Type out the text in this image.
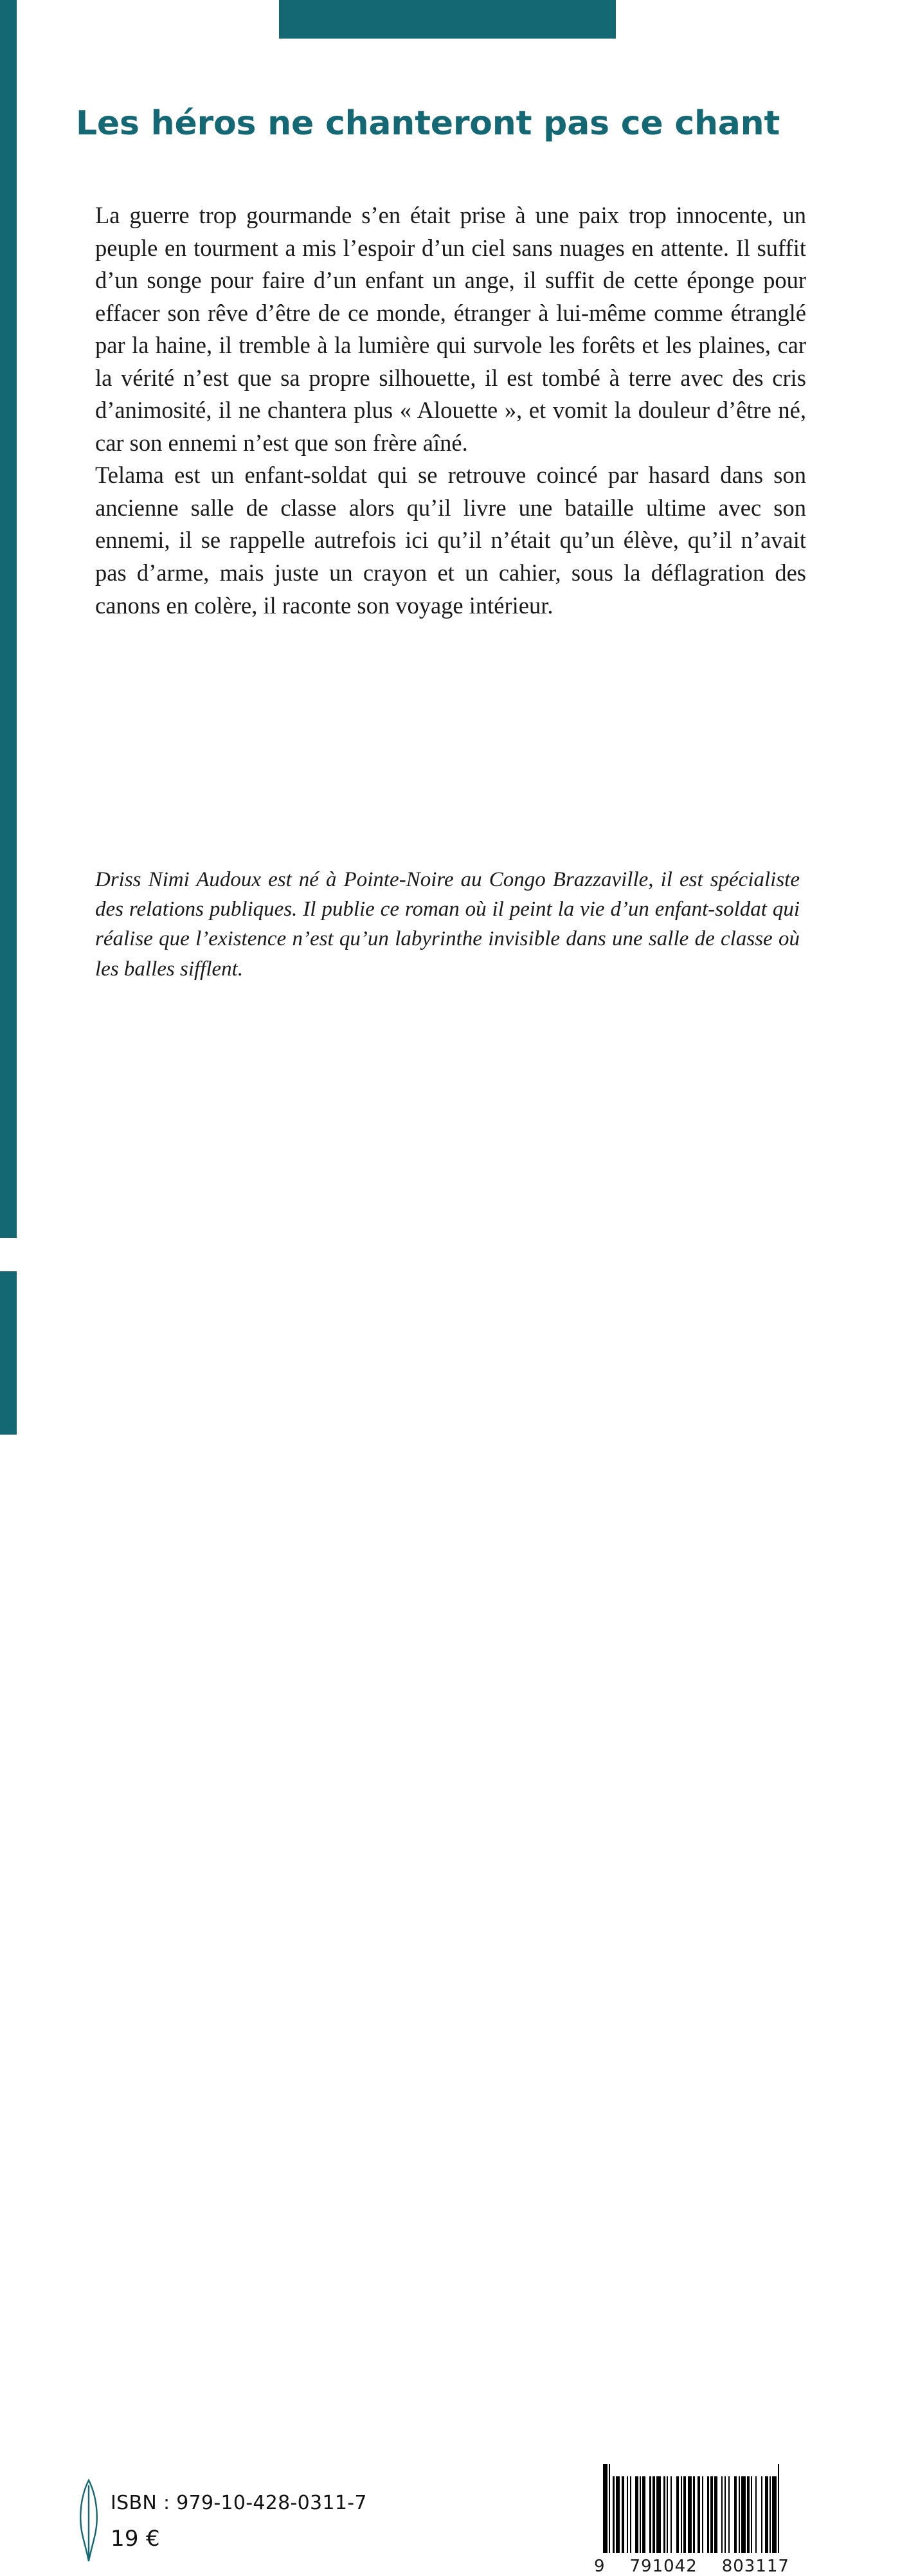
Les héros ne chanteront pas ce chant

La guerre trop gourmande s’en était prise à une paix trop innocente, un peuple en tourment a mis l’espoir d’un ciel sans nuages en attente. Il suffit d’un songe pour faire d’un enfant un ange, il suffit de cette éponge pour effacer son rêve d’être de ce monde, étranger à lui-même comme étranglé par la haine, il tremble à la lumière qui survole les forêts et les plaines, car la vérité n’est que sa propre silhouette, il est tombé à terre avec des cris d’animosité, il ne chantera plus « Alouette », et vomit la douleur d’être né, car son ennemi n’est que son frère aîné.

Telama est un enfant-soldat qui se retrouve coincé par hasard dans son ancienne salle de classe alors qu’il livre une bataille ultime avec son ennemi, il se rappelle autrefois ici qu’il n’était qu’un élève, qu’il n’avait pas d’arme, mais juste un crayon et un cahier, sous la déflagration des canons en colère, il raconte son voyage intérieur.

Driss Nimi Audoux est né à Pointe-Noire au Congo Brazzaville, il est spécialiste des relations publiques. Il publie ce roman où il peint la vie d’un enfant-soldat qui réalise que l’existence n’est qu’un labyrinthe invisible dans une salle de classe où les balles sifflent.

ISBN : 979-10-428-0311-7
19 €
9 791042 803117
